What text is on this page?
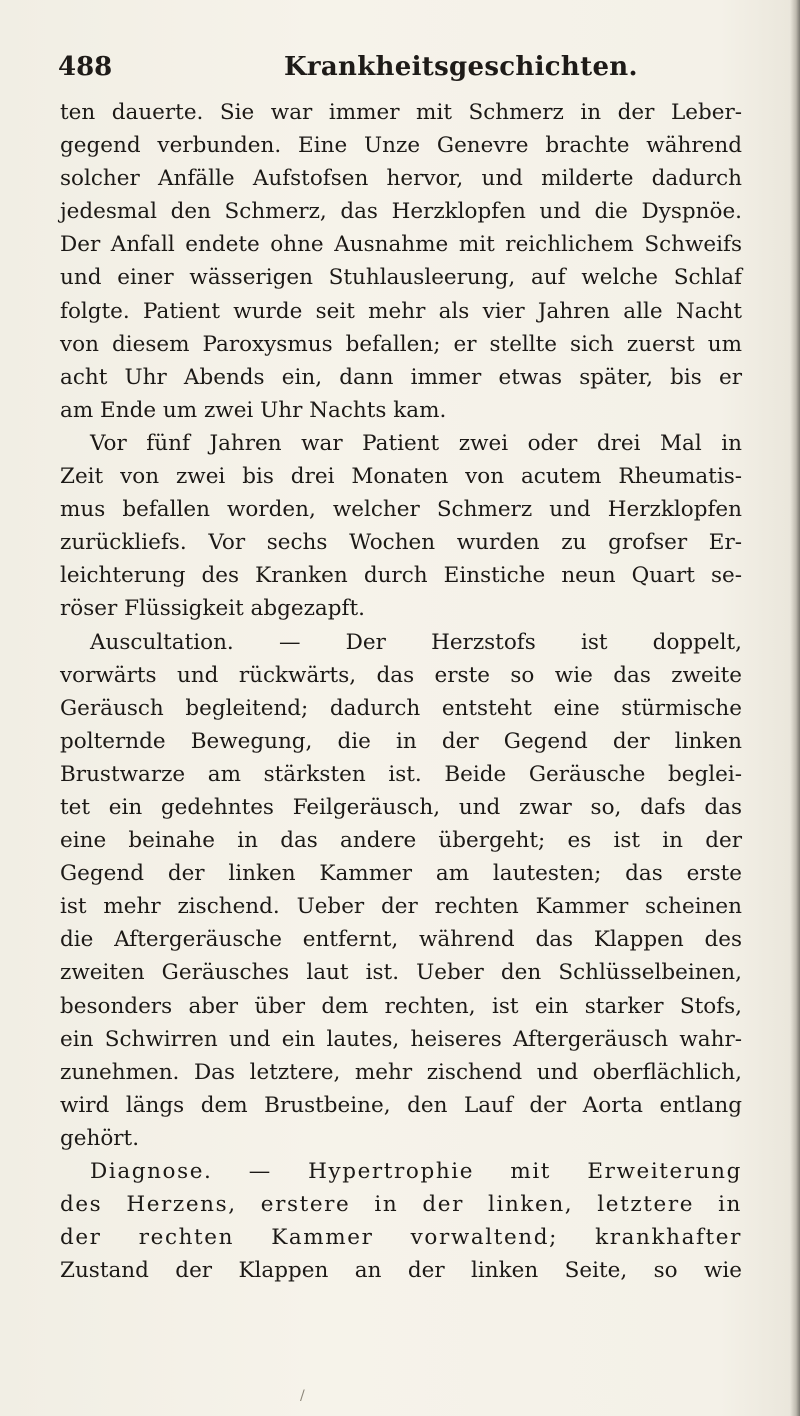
488	Krankheitsgeschichten.
ten dauerte. Sie war immer mit Schmerz in der Leber-
gegend verbunden. Eine Unze Genevre brachte während
solcher Anfälle Aufstofsen hervor, und milderte dadurch
jedesmal den Schmerz, das Herzklopfen und die Dyspnöe.
Der Anfall endete ohne Ausnahme mit reichlichem Schweifs
und einer wässerigen Stuhlausleerung, auf welche Schlaf
folgte. Patient wurde seit mehr als vier Jahren alle Nacht
von diesem Paroxysmus befallen; er stellte sich zuerst um
acht Uhr Abends ein, dann immer etwas später, bis er
am Ende um zwei Uhr Nachts kam.
Vor fünf Jahren war Patient zwei oder drei Mal in
Zeit von zwei bis drei Monaten von acutem Rheumatis-
mus befallen worden, welcher Schmerz und Herzklopfen
zurückliefs. Vor sechs Wochen wurden zu grofser Er-
leichterung des Kranken durch Einstiche neun Quart se-
röser Flüssigkeit abgezapft.
Auscultation. — Der Herzstofs ist doppelt,
vorwärts und rückwärts, das erste so wie das zweite
Geräusch begleitend; dadurch entsteht eine stürmische
polternde Bewegung, die in der Gegend der linken
Brustwarze am stärksten ist. Beide Geräusche beglei-
tet ein gedehntes Feilgeräusch, und zwar so, dafs das
eine beinahe in das andere übergeht; es ist in der
Gegend der linken Kammer am lautesten; das erste
ist mehr zischend. Ueber der rechten Kammer scheinen
die Aftergeräusche entfernt, während das Klappen des
zweiten Geräusches laut ist. Ueber den Schlüsselbeinen,
besonders aber über dem rechten, ist ein starker Stofs,
ein Schwirren und ein lautes, heiseres Aftergeräusch wahr-
zunehmen. Das letztere, mehr zischend und oberflächlich,
wird längs dem Brustbeine, den Lauf der Aorta entlang
gehört.
Diagnose. — Hypertrophie mit Erweiterung
des Herzens, erstere in der linken, letztere in
der rechten Kammer vorwaltend; krankhafter
Zustand der Klappen an der linken Seite, so wie
/
